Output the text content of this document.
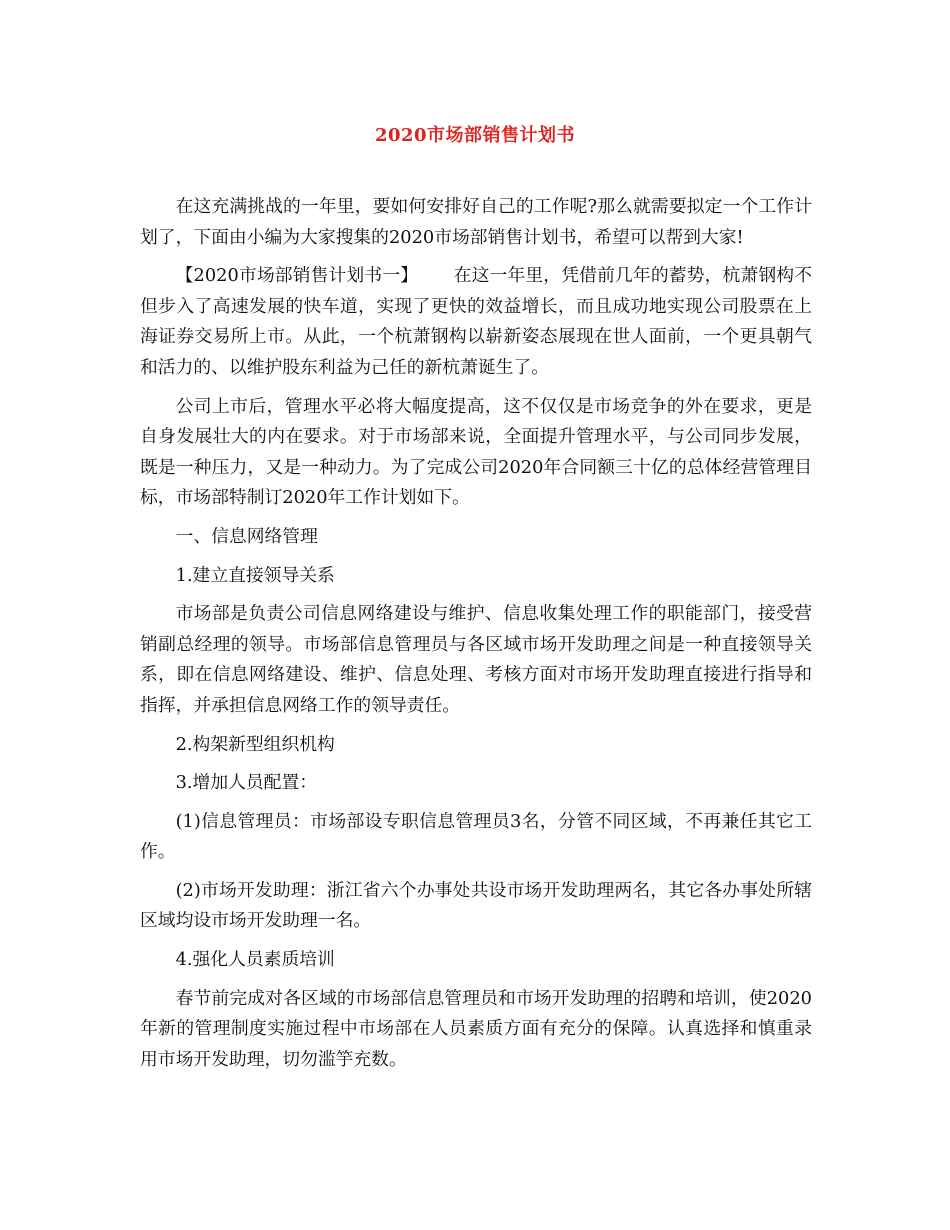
2020市场部销售计划书

在这充满挑战的一年里，要如何安排好自己的工作呢?那么就需要拟定一个工作计划了，下面由小编为大家搜集的2020市场部销售计划书，希望可以帮到大家!

【2020市场部销售计划书一】 在这一年里，凭借前几年的蓄势，杭萧钢构不但步入了高速发展的快车道，实现了更快的效益增长，而且成功地实现公司股票在上海证券交易所上市。从此，一个杭萧钢构以崭新姿态展现在世人面前，一个更具朝气和活力的、以维护股东利益为己任的新杭萧诞生了。

公司上市后，管理水平必将大幅度提高，这不仅仅是市场竞争的外在要求，更是自身发展壮大的内在要求。对于市场部来说，全面提升管理水平，与公司同步发展，既是一种压力，又是一种动力。为了完成公司2020年合同额三十亿的总体经营管理目标，市场部特制订2020年工作计划如下。

一、信息网络管理

1.建立直接领导关系

市场部是负责公司信息网络建设与维护、信息收集处理工作的职能部门，接受营销副总经理的领导。市场部信息管理员与各区域市场开发助理之间是一种直接领导关系，即在信息网络建设、维护、信息处理、考核方面对市场开发助理直接进行指导和指挥，并承担信息网络工作的领导责任。

2.构架新型组织机构

3.增加人员配置：

(1)信息管理员：市场部设专职信息管理员3名，分管不同区域，不再兼任其它工作。

(2)市场开发助理：浙江省六个办事处共设市场开发助理两名，其它各办事处所辖区域均设市场开发助理一名。

4.强化人员素质培训

春节前完成对各区域的市场部信息管理员和市场开发助理的招聘和培训，使2020年新的管理制度实施过程中市场部在人员素质方面有充分的保障。认真选择和慎重录用市场开发助理，切勿滥竽充数。
